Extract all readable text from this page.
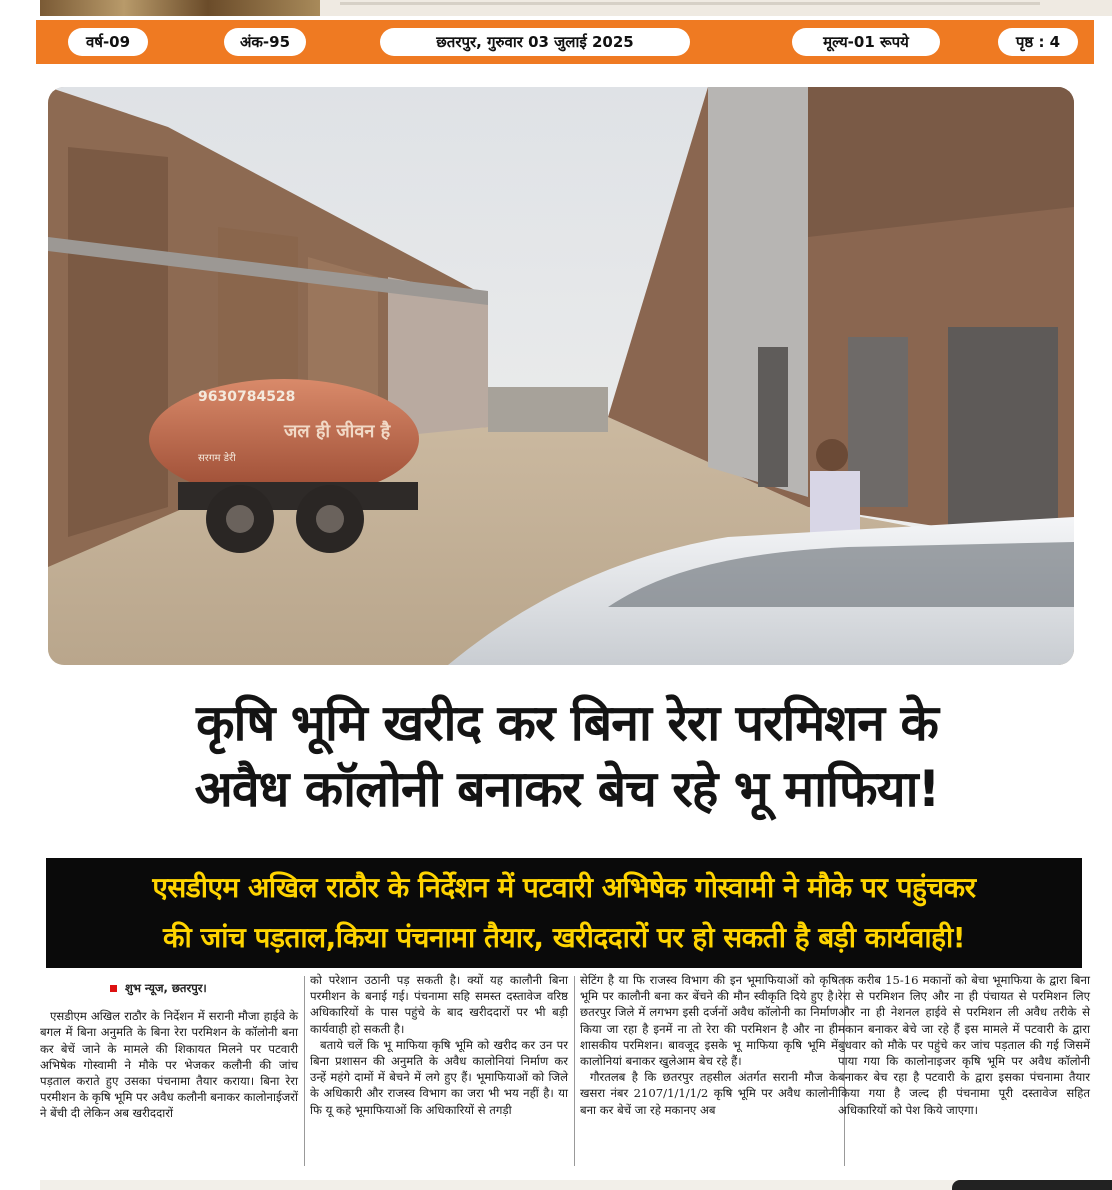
वर्ष-09	अंक-95	छतरपुर, गुरुवार 03 जुलाई 2025	मूल्य-01 रूपये	पृष्ठ : 4
9630784528
जल ही जीवन है
सरगम डेरी
कृषि भूमि खरीद कर बिना रेरा परमिशन के
अवैध कॉलोनी बनाकर बेच रहे भू माफिया!
एसडीएम अखिल राठौर के निर्देशन में पटवारी अभिषेक गोस्वामी ने मौके पर पहुंचकर
की जांच पड़ताल,किया पंचनामा तैयार, खरीददारों पर हो सकती है बड़ी कार्यवाही!
शुभ न्यूज, छतरपुर।

एसडीएम अखिल राठौर के निर्देशन में सरानी मौजा हाईवे के बगल में बिना अनुमति के बिना रेरा परमिशन के कॉलोनी बना कर बेचें जाने के मामले की शिकायत मिलने पर पटवारी अभिषेक गोस्वामी ने मौके पर भेजकर कलौनी की जांच पड़ताल कराते हुए उसका पंचनामा तैयार कराया। बिना रेरा परमीशन के कृषि भूमि पर अवैध कलौनी बनाकर कालोनाईजरों ने बेंची दी लेकिन अब खरीददारों

को परेशान उठानी पड़ सकती है। क्यों यह कालौनी बिना परमीशन के बनाई गई। पंचनामा सहि समस्त दस्तावेज वरिष्ठ अधिकारियों के पास पहुंचे के बाद खरीददारों पर भी बड़ी कार्यवाही हो सकती है।

बताये चलें कि भू माफिया कृषि भूमि को खरीद कर उन पर बिना प्रशासन की अनुमति के अवैध कालोनियां निर्माण कर उन्हें महंगे दामों में बेचने में लगे हुए हैं। भूमाफियाओं को जिले के अधिकारी और राजस्व विभाग का जरा भी भय नहीं है। या फि यू कहे भूमाफियाओं कि अधिकारियों से तगड़ी

सेटिंग है या फि राजस्व विभाग की इन भूमाफियाओं को कृषि भूमि पर कालौनी बना कर बेंचने की मौन स्वीकृति दिये हुए है। छतरपुर जिले में लगभग इसी दर्जनों अवैध कॉलोनी का निर्माण किया जा रहा है इनमें ना तो रेरा की परमिशन है और ना ही शासकीय परमिशन। बावजूद इसके भू माफिया कृषि भूमि में कालोनियां बनाकर खुलेआम बेच रहे हैं।

गौरतलब है कि छतरपुर तहसील अंतर्गत सरानी मौज के खसरा नंबर 2107/1/1/1/2 कृषि भूमि पर अवैध कालोनी बना कर बेचें जा रहे मकानए अब

तक करीब 15-16 मकानों को बेचा भूमाफिया के द्वारा बिना रेरा से परमिशन लिए और ना ही पंचायत से परमिशन लिए और ना ही नेशनल हाईवे से परमिशन ली अवैध तरीके से मकान बनाकर बेचे जा रहे हैं इस मामले में पटवारी के द्वारा बुधवार को मौके पर पहुंचे कर जांच पड़ताल की गई जिसमें पाया गया कि कालोनाइजर कृषि भूमि पर अवैध कॉलोनी बनाकर बेच रहा है पटवारी के द्वारा इसका पंचनामा तैयार किया गया है जल्द ही पंचनामा पूरी दस्तावेज सहित अधिकारियों को पेश किये जाएगा।
